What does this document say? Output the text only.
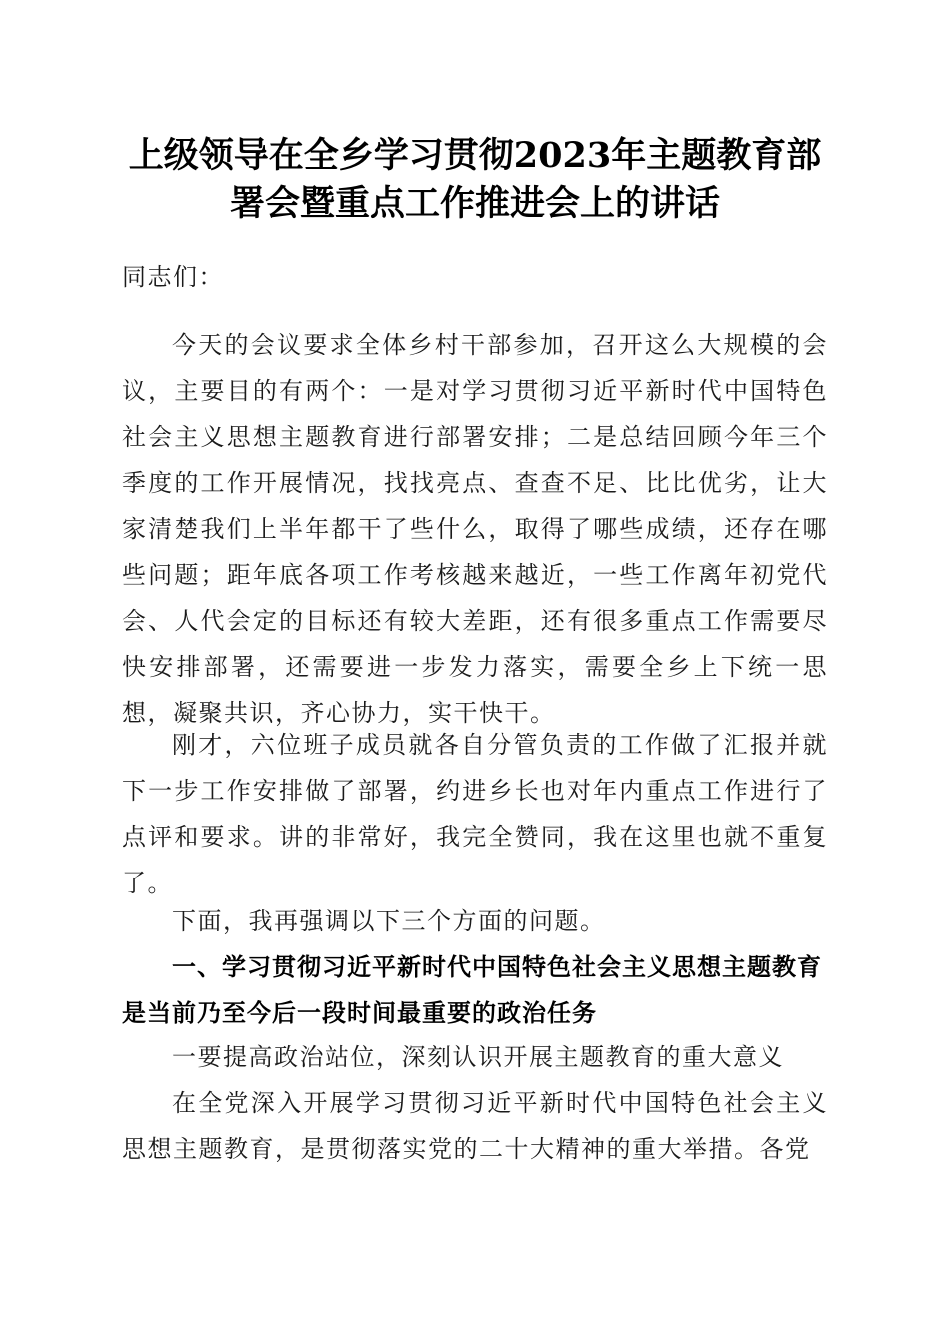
上级领导在全乡学习贯彻2023年主题教育部
署会暨重点工作推进会上的讲话

同志们：

今天的会议要求全体乡村干部参加，召开这么大规模的会议，主要目的有两个：一是对学习贯彻习近平新时代中国特色社会主义思想主题教育进行部署安排；二是总结回顾今年三个季度的工作开展情况，找找亮点、查查不足、比比优劣，让大家清楚我们上半年都干了些什么，取得了哪些成绩，还存在哪些问题；距年底各项工作考核越来越近，一些工作离年初党代会、人代会定的目标还有较大差距，还有很多重点工作需要尽快安排部署，还需要进一步发力落实，需要全乡上下统一思想，凝聚共识，齐心协力，实干快干。

刚才，六位班子成员就各自分管负责的工作做了汇报并就下一步工作安排做了部署，约进乡长也对年内重点工作进行了点评和要求。讲的非常好，我完全赞同，我在这里也就不重复了。

下面，我再强调以下三个方面的问题。

一、学习贯彻习近平新时代中国特色社会主义思想主题教育是当前乃至今后一段时间最重要的政治任务

一要提高政治站位，深刻认识开展主题教育的重大意义

在全党深入开展学习贯彻习近平新时代中国特色社会主义思想主题教育，是贯彻落实党的二十大精神的重大举措。各党
